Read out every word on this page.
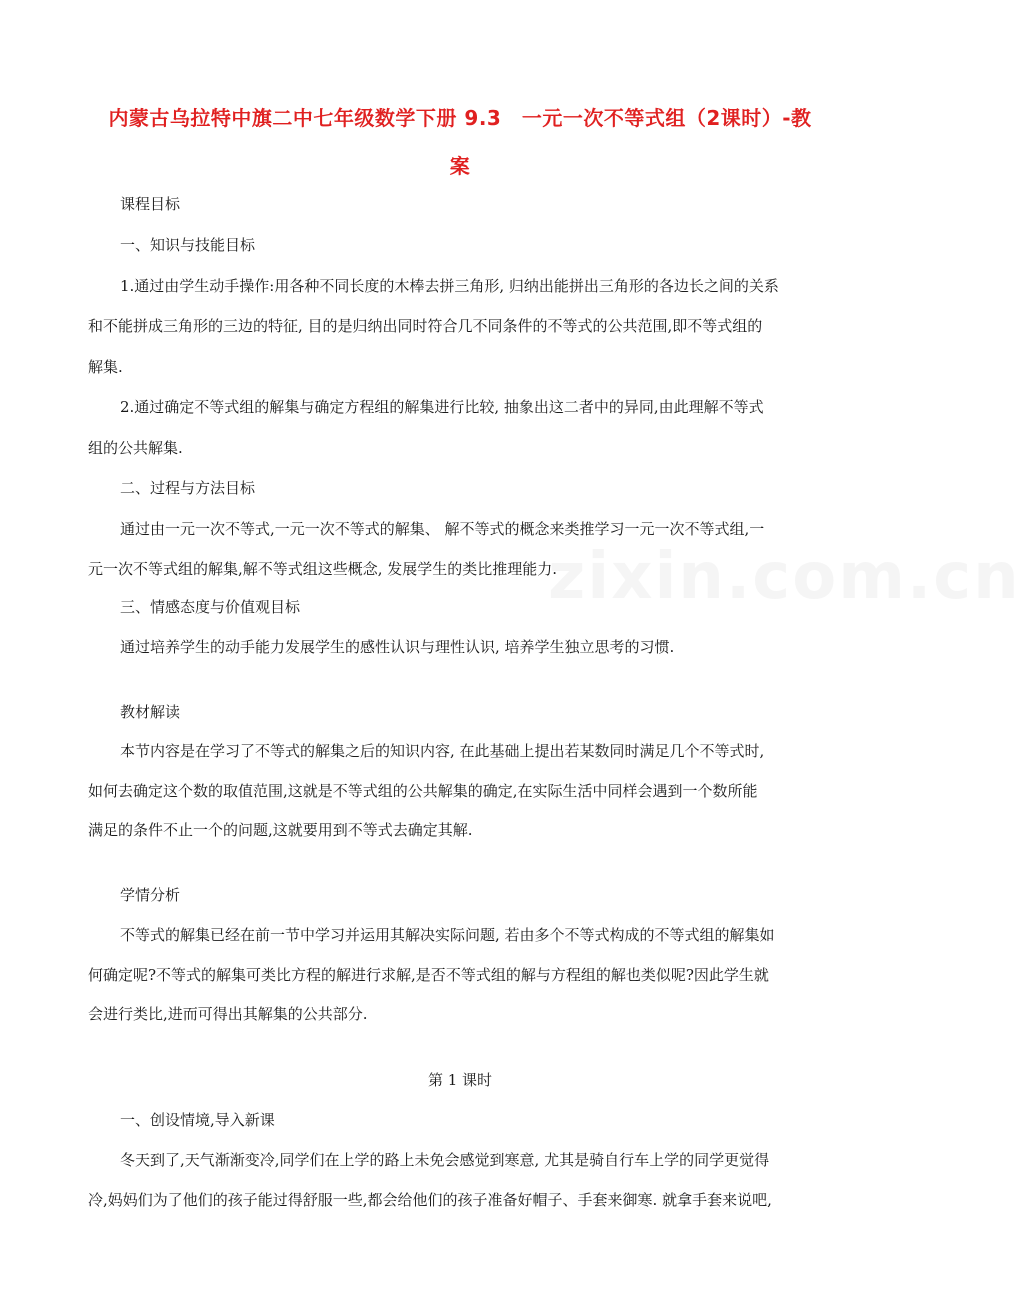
zixin.com.cn
内蒙古乌拉特中旗二中七年级数学下册 9.3　一元一次不等式组（2课时）-教
案
课程目标
一、知识与技能目标
1.通过由学生动手操作:用各种不同长度的木棒去拼三角形, 归纳出能拼出三角形的各边长之间的关系
和不能拼成三角形的三边的特征, 目的是归纳出同时符合几不同条件的不等式的公共范围,即不等式组的
解集.
2.通过确定不等式组的解集与确定方程组的解集进行比较, 抽象出这二者中的异同,由此理解不等式
组的公共解集.
二、过程与方法目标
通过由一元一次不等式,一元一次不等式的解集、 解不等式的概念来类推学习一元一次不等式组,一
元一次不等式组的解集,解不等式组这些概念, 发展学生的类比推理能力.
三、情感态度与价值观目标
通过培养学生的动手能力发展学生的感性认识与理性认识, 培养学生独立思考的习惯.
教材解读
本节内容是在学习了不等式的解集之后的知识内容, 在此基础上提出若某数同时满足几个不等式时,
如何去确定这个数的取值范围,这就是不等式组的公共解集的确定,在实际生活中同样会遇到一个数所能
满足的条件不止一个的问题,这就要用到不等式去确定其解.
学情分析
不等式的解集已经在前一节中学习并运用其解决实际问题, 若由多个不等式构成的不等式组的解集如
何确定呢?不等式的解集可类比方程的解进行求解,是否不等式组的解与方程组的解也类似呢?因此学生就
会进行类比,进而可得出其解集的公共部分.
第 1 课时
一、创设情境,导入新课
冬天到了,天气渐渐变冷,同学们在上学的路上未免会感觉到寒意, 尤其是骑自行车上学的同学更觉得
冷,妈妈们为了他们的孩子能过得舒服一些,都会给他们的孩子准备好帽子、手套来御寒. 就拿手套来说吧,
